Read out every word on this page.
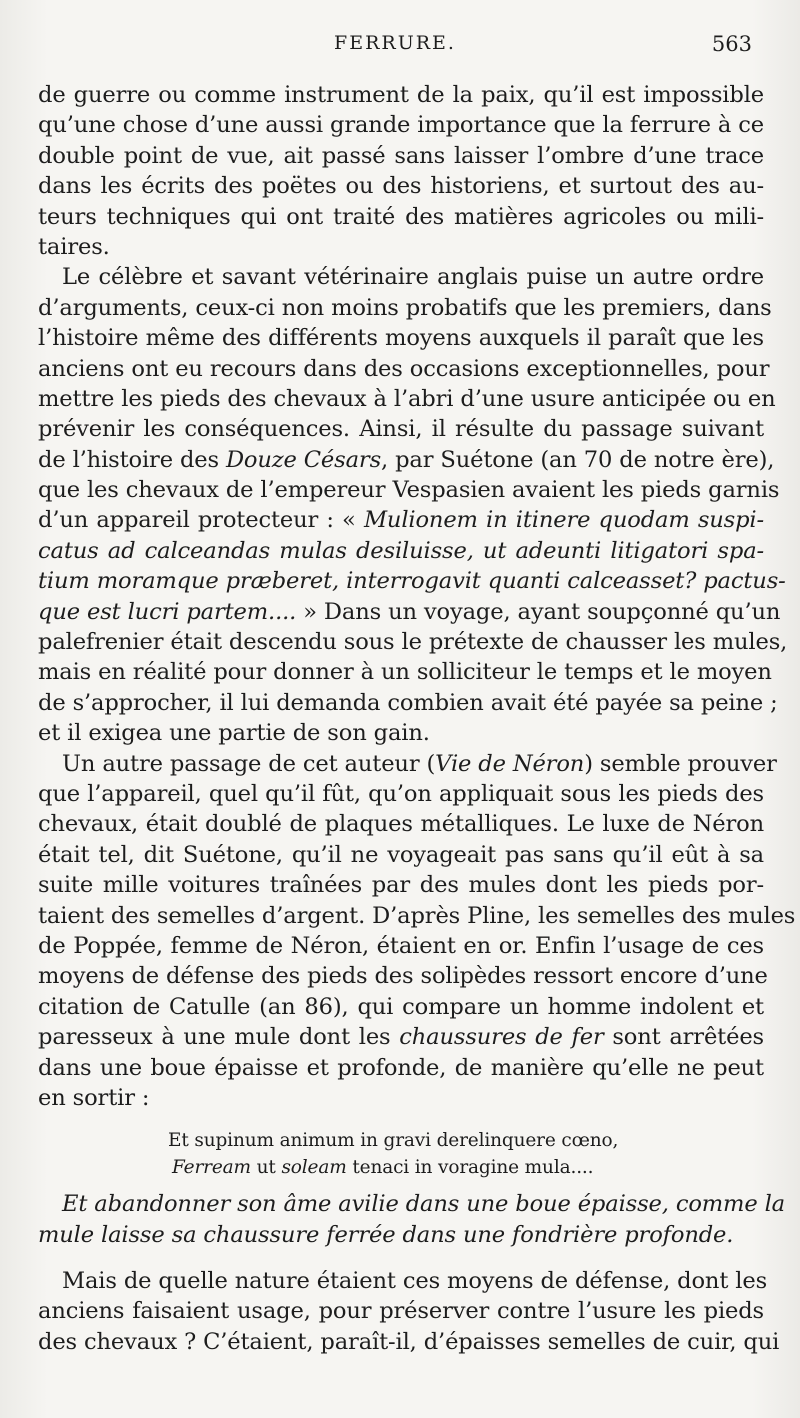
FERRURE.	563
de guerre ou comme instrument de la paix, qu’il est impossible
qu’une chose d’une aussi grande importance que la ferrure à ce
double point de vue, ait passé sans laisser l’ombre d’une trace
dans les écrits des poëtes ou des historiens, et surtout des au-
teurs techniques qui ont traité des matières agricoles ou mili-
taires.
Le célèbre et savant vétérinaire anglais puise un autre ordre
d’arguments, ceux-ci non moins probatifs que les premiers, dans
l’histoire même des différents moyens auxquels il paraît que les
anciens ont eu recours dans des occasions exceptionnelles, pour
mettre les pieds des chevaux à l’abri d’une usure anticipée ou en
prévenir les conséquences. Ainsi, il résulte du passage suivant
de l’histoire des Douze Césars, par Suétone (an 70 de notre ère),
que les chevaux de l’empereur Vespasien avaient les pieds garnis
d’un appareil protecteur : « Mulionem in itinere quodam suspi-
catus ad calceandas mulas desiluisse, ut adeunti litigatori spa-
tium moramque præberet, interrogavit quanti calceasset? pactus-
que est lucri partem.... » Dans un voyage, ayant soupçonné qu’un
palefrenier était descendu sous le prétexte de chausser les mules,
mais en réalité pour donner à un solliciteur le temps et le moyen
de s’approcher, il lui demanda combien avait été payée sa peine ;
et il exigea une partie de son gain.
Un autre passage de cet auteur (Vie de Néron) semble prouver
que l’appareil, quel qu’il fût, qu’on appliquait sous les pieds des
chevaux, était doublé de plaques métalliques. Le luxe de Néron
était tel, dit Suétone, qu’il ne voyageait pas sans qu’il eût à sa
suite mille voitures traînées par des mules dont les pieds por-
taient des semelles d’argent. D’après Pline, les semelles des mules
de Poppée, femme de Néron, étaient en or. Enfin l’usage de ces
moyens de défense des pieds des solipèdes ressort encore d’une
citation de Catulle (an 86), qui compare un homme indolent et
paresseux à une mule dont les chaussures de fer sont arrêtées
dans une boue épaisse et profonde, de manière qu’elle ne peut
en sortir :
Et supinum animum in gravi derelinquere cœno,
Ferream ut soleam tenaci in voragine mula....
Et abandonner son âme avilie dans une boue épaisse, comme la
mule laisse sa chaussure ferrée dans une fondrière profonde.
Mais de quelle nature étaient ces moyens de défense, dont les
anciens faisaient usage, pour préserver contre l’usure les pieds
des chevaux ? C’étaient, paraît-il, d’épaisses semelles de cuir, qui
